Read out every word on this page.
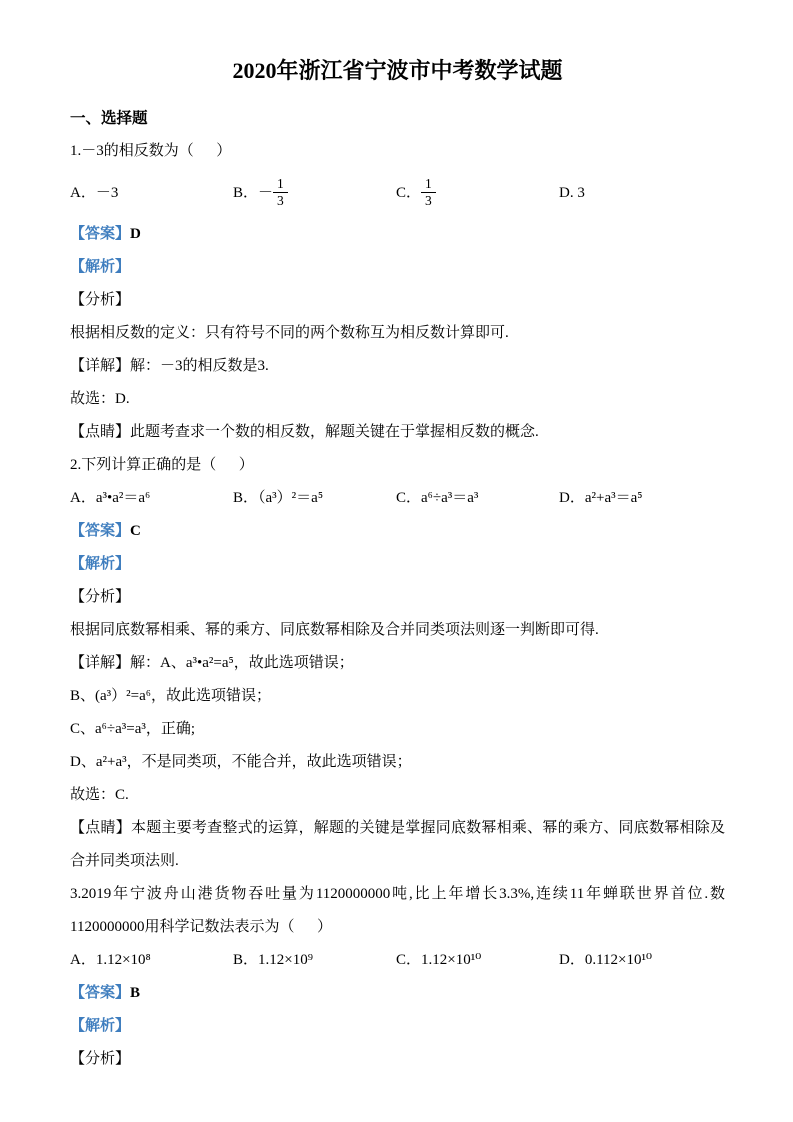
2020年浙江省宁波市中考数学试题
一、选择题

1.－3的相反数为（      ）

A．－3	B．－ $\frac{1}{3}$	C． $\frac{1}{3}$	D. 3

【答案】D

【解析】

【分析】

根据相反数的定义：只有符号不同的两个数称互为相反数计算即可.

【详解】解：－3的相反数是3.

故选：D.

【点睛】此题考查求一个数的相反数，解题关键在于掌握相反数的概念.

2.下列计算正确的是（      ）

A．a³•a²＝a⁶	B．（a³）²＝a⁵	C．a⁶÷a³＝a³	D．a²+a³＝a⁵

【答案】C

【解析】

【分析】

根据同底数幂相乘、幂的乘方、同底数幂相除及合并同类项法则逐一判断即可得.

【详解】解：A、a³•a²=a⁵，故此选项错误；

B、(a³）²=a⁶，故此选项错误；

C、a⁶÷a³=a³，正确;

D、a²+a³，不是同类项，不能合并，故此选项错误；

故选：C.

【点睛】本题主要考查整式的运算，解题的关键是掌握同底数幂相乘、幂的乘方、同底数幂相除及合并同类项法则.

3.2019年宁波舟山港货物吞吐量为1120000000吨,比上年增长3.3%,连续11年蝉联世界首位.数1120000000用科学记数法表示为（      ）

A．1.12×10⁸	B．1.12×10⁹	C．1.12×10¹⁰	D．0.112×10¹⁰

【答案】B

【解析】

【分析】
